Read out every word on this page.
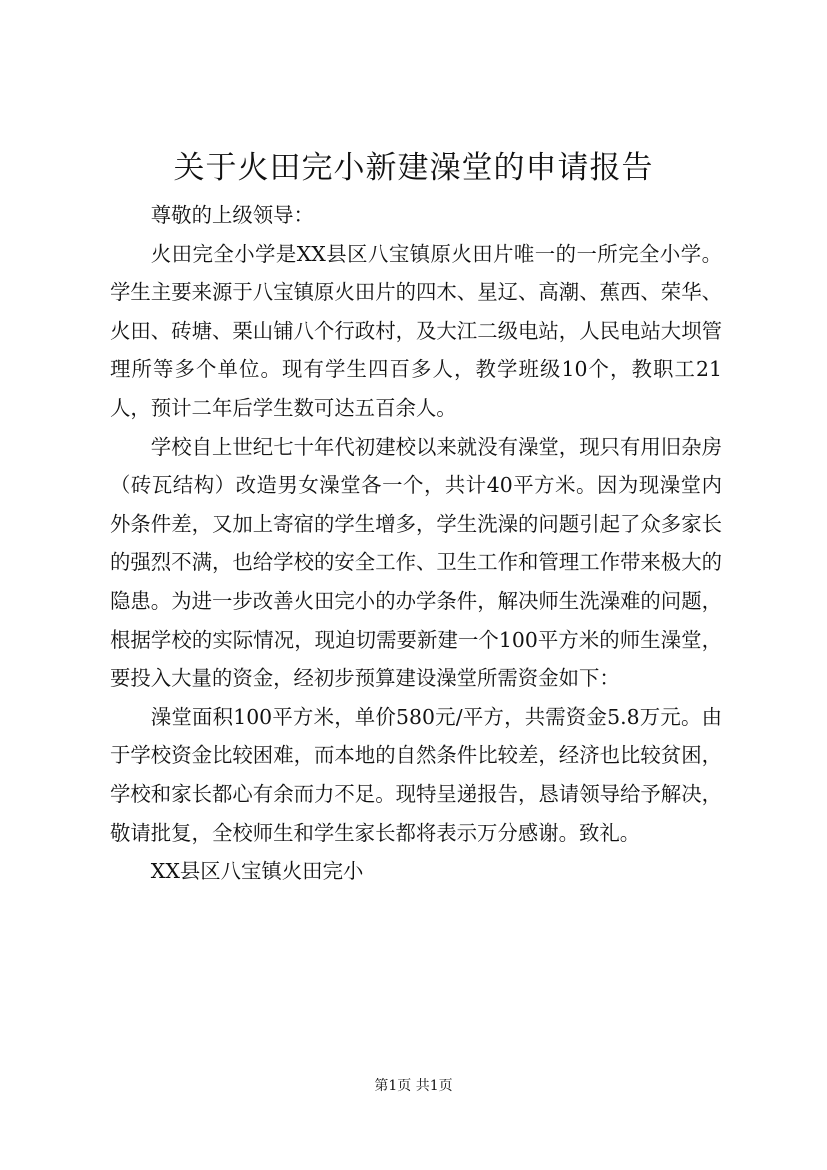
关于火田完小新建澡堂的申请报告

尊敬的上级领导：

火田完全小学是XX县区八宝镇原火田片唯一的一所完全小学。学生主要来源于八宝镇原火田片的四木、星辽、高潮、蕉西、荣华、火田、砖塘、栗山铺八个行政村，及大江二级电站，人民电站大坝管理所等多个单位。现有学生四百多人，教学班级10个，教职工21人，预计二年后学生数可达五百余人。

学校自上世纪七十年代初建校以来就没有澡堂，现只有用旧杂房（砖瓦结构）改造男女澡堂各一个，共计40平方米。因为现澡堂内外条件差，又加上寄宿的学生增多，学生洗澡的问题引起了众多家长的强烈不满，也给学校的安全工作、卫生工作和管理工作带来极大的隐患。为进一步改善火田完小的办学条件，解决师生洗澡难的问题，根据学校的实际情况，现迫切需要新建一个100平方米的师生澡堂，要投入大量的资金，经初步预算建设澡堂所需资金如下：

澡堂面积100平方米，单价580元/平方，共需资金5.8万元。由于学校资金比较困难，而本地的自然条件比较差，经济也比较贫困，学校和家长都心有余而力不足。现特呈递报告，恳请领导给予解决，敬请批复，全校师生和学生家长都将表示万分感谢。致礼。

XX县区八宝镇火田完小

第1页 共1页
